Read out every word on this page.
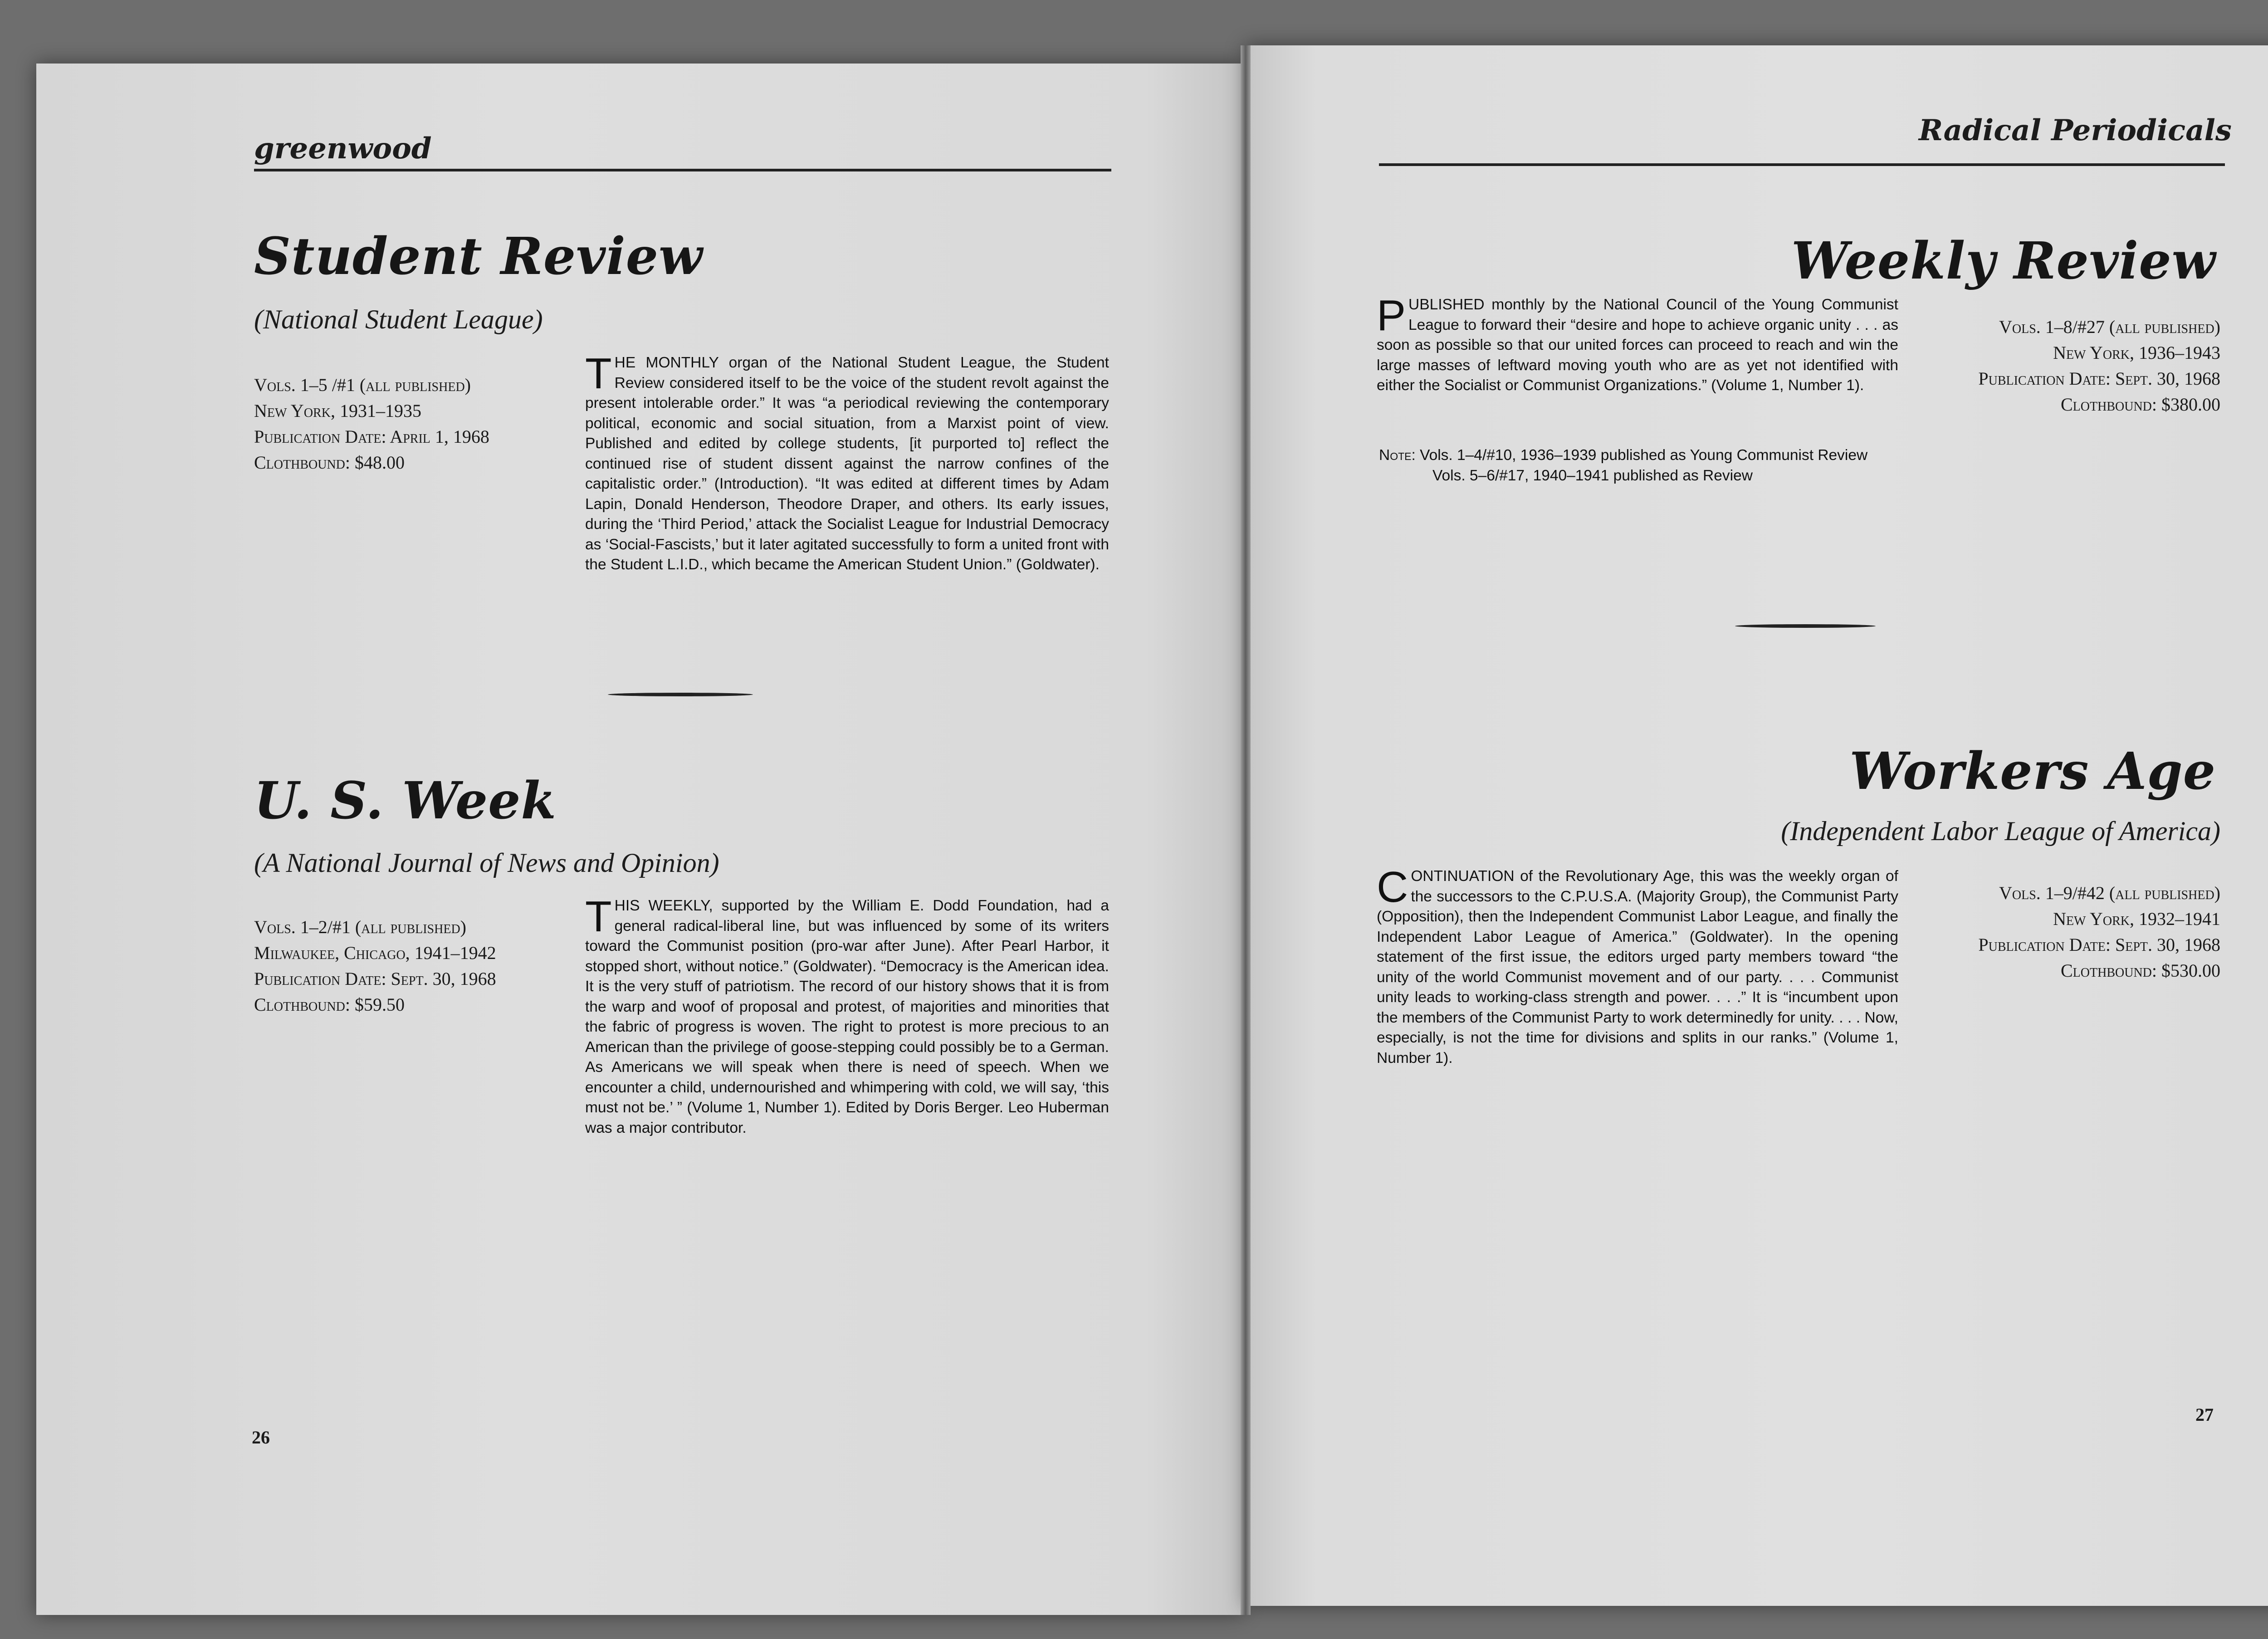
greenwood
Student Review
(National Student League)
Vols. 1–5 /#1 (all published)
New York, 1931–1935
Publication Date: April 1, 1968
Clothbound: $48.00
THE MONTHLY organ of the National Student League, the Student Review considered itself to be the voice of the student revolt against the present intolerable order.” It was “a periodical reviewing the contemporary political, economic and social situation, from a Marxist point of view. Published and edited by college students, [it purported to] reflect the continued rise of student dissent against the narrow confines of the capitalistic order.” (Introduction). “It was edited at different times by Adam Lapin, Donald Henderson, Theodore Draper, and others. Its early issues, during the ‘Third Period,’ attack the Socialist League for Industrial Democracy as ‘Social-Fascists,’ but it later agitated successfully to form a united front with the Student L.I.D., which became the American Student Union.” (Goldwater).
U. S. Week
(A National Journal of News and Opinion)
Vols. 1–2/#1 (all published)
Milwaukee, Chicago, 1941–1942
Publication Date: Sept. 30, 1968
Clothbound: $59.50
THIS WEEKLY, supported by the William E. Dodd Foundation, had a general radical-liberal line, but was influenced by some of its writers toward the Communist position (pro-war after June). After Pearl Harbor, it stopped short, without notice.” (Goldwater). “Democracy is the American idea. It is the very stuff of patriotism. The record of our history shows that it is from the warp and woof of proposal and protest, of majorities and minorities that the fabric of progress is woven. The right to protest is more precious to an American than the privilege of goose-stepping could possibly be to a German. As Americans we will speak when there is need of speech. When we encounter a child, undernourished and whimpering with cold, we will say, ‘this must not be.’ ” (Volume 1, Number 1). Edited by Doris Berger. Leo Huberman was a major contributor.
26
Radical Periodicals
Weekly Review
Vols. 1–8/#27 (all published)
New York, 1936–1943
Publication Date: Sept. 30, 1968
Clothbound: $380.00
PUBLISHED monthly by the National Council of the Young Communist League to forward their “desire and hope to achieve organic unity . . . as soon as possible so that our united forces can proceed to reach and win the large masses of leftward moving youth who are as yet not identified with either the Socialist or Communist Organizations.” (Volume 1, Number 1).
Note: Vols. 1–4/#10, 1936–1939 published as Young Communist Review
Vols. 5–6/#17, 1940–1941 published as Review
Workers Age
(Independent Labor League of America)
Vols. 1–9/#42 (all published)
New York, 1932–1941
Publication Date: Sept. 30, 1968
Clothbound: $530.00
CONTINUATION of the Revolutionary Age, this was the weekly organ of the successors to the C.P.U.S.A. (Majority Group), the Communist Party (Opposition), then the Independent Communist Labor League, and finally the Independent Labor League of America.” (Goldwater). In the opening statement of the first issue, the editors urged party members toward “the unity of the world Communist movement and of our party. . . . Communist unity leads to working-class strength and power. . . .” It is “incumbent upon the members of the Communist Party to work determinedly for unity. . . . Now, especially, is not the time for divisions and splits in our ranks.” (Volume 1, Number 1).
27
